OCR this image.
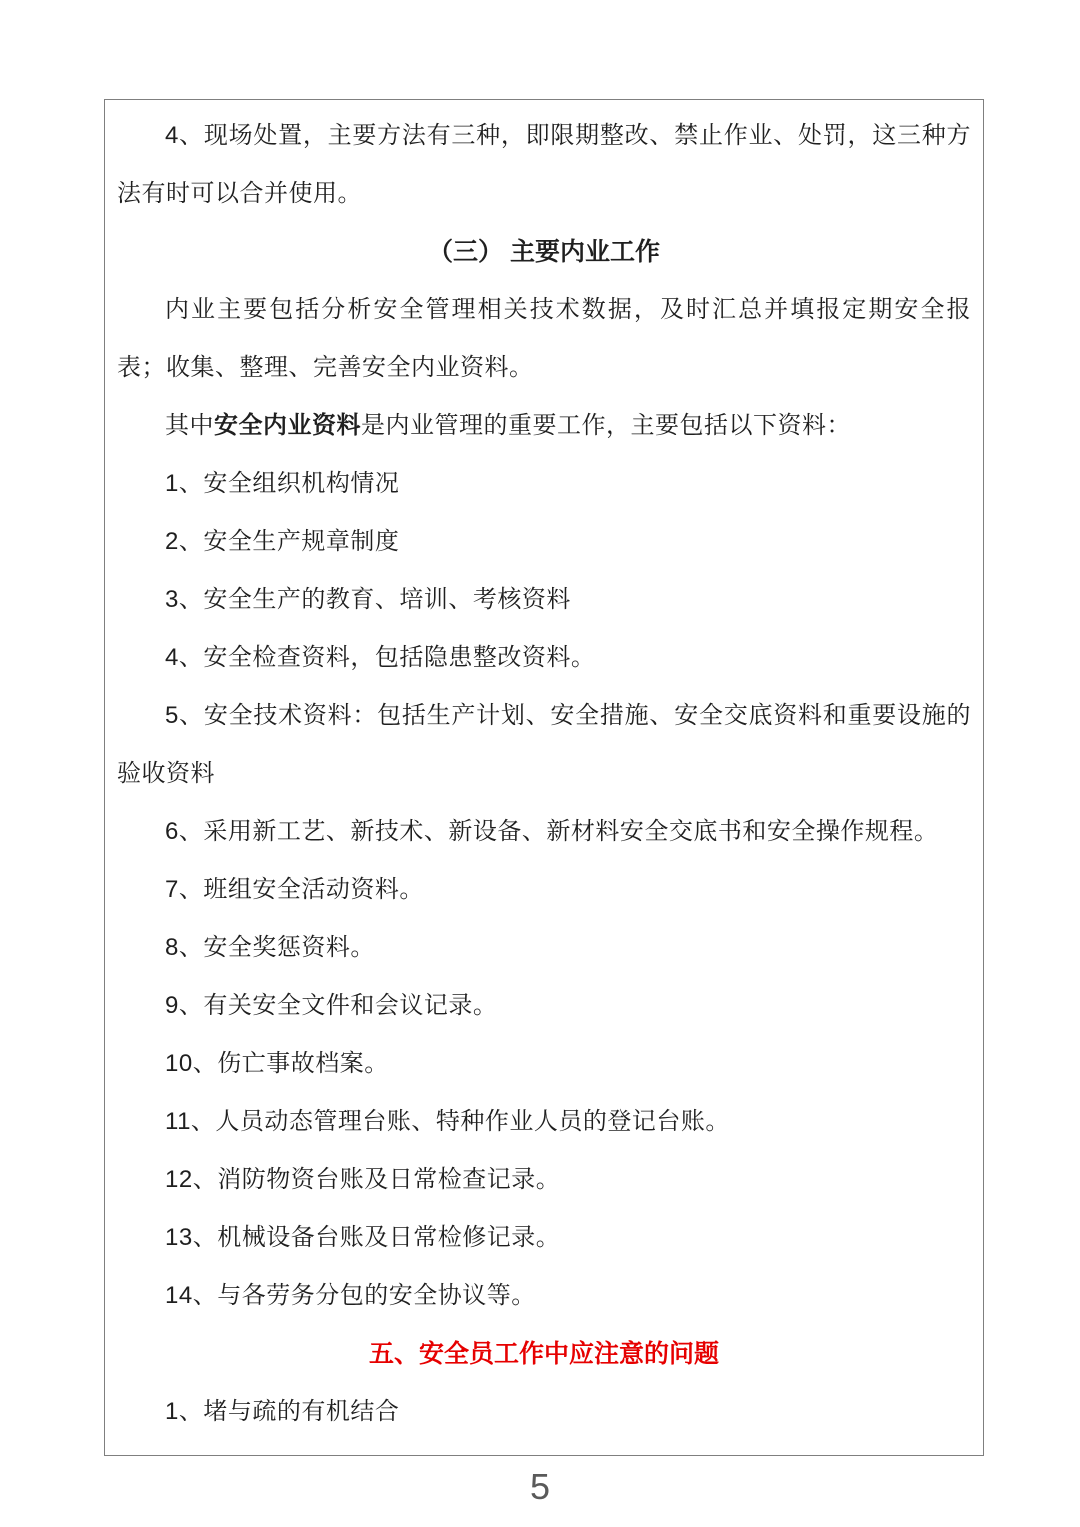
4、现场处置，主要方法有三种，即限期整改、禁止作业、处罚，这三种方法有时可以合并使用。

（三） 主要内业工作

内业主要包括分析安全管理相关技术数据，及时汇总并填报定期安全报表；收集、整理、完善安全内业资料。

其中安全内业资料是内业管理的重要工作，主要包括以下资料：

1、安全组织机构情况

2、安全生产规章制度

3、安全生产的教育、培训、考核资料

4、安全检查资料，包括隐患整改资料。

5、安全技术资料：包括生产计划、安全措施、安全交底资料和重要设施的验收资料

6、采用新工艺、新技术、新设备、新材料安全交底书和安全操作规程。

7、班组安全活动资料。

8、安全奖惩资料。

9、有关安全文件和会议记录。

10、伤亡事故档案。

11、人员动态管理台账、特种作业人员的登记台账。

12、消防物资台账及日常检查记录。

13、机械设备台账及日常检修记录。

14、与各劳务分包的安全协议等。

五、安全员工作中应注意的问题

1、堵与疏的有机结合

5
